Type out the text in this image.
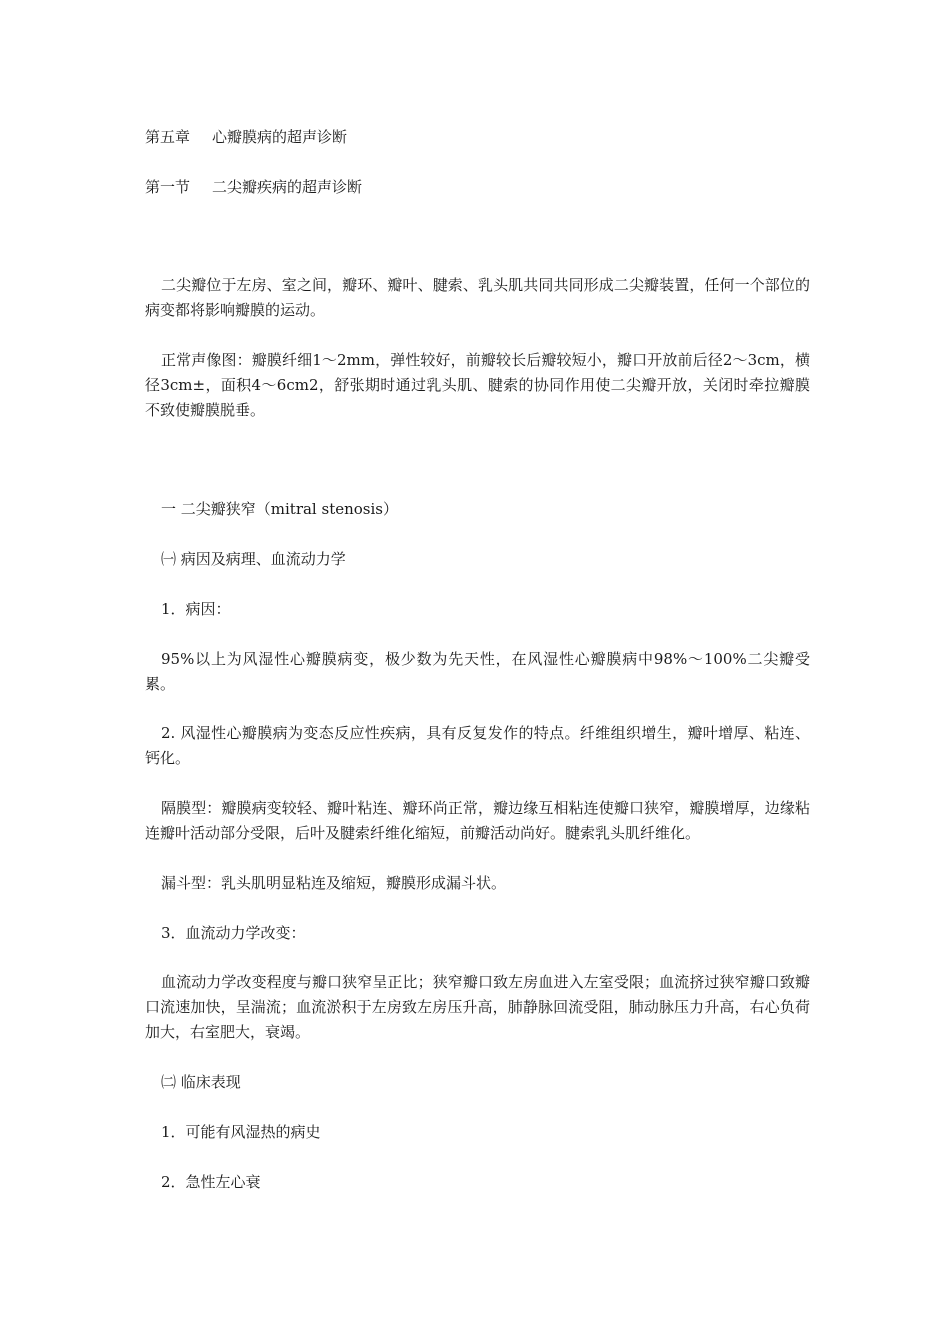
第五章 心瓣膜病的超声诊断
第一节 二尖瓣疾病的超声诊断
二尖瓣位于左房、室之间，瓣环、瓣叶、腱索、乳头肌共同共同形成二尖瓣装置，任何一个部位的病变都将影响瓣膜的运动。
正常声像图：瓣膜纤细1～2mm，弹性较好，前瓣较长后瓣较短小，瓣口开放前后径2～3cm，横径3cm±，面积4～6cm2，舒张期时通过乳头肌、腱索的协同作用使二尖瓣开放，关闭时牵拉瓣膜不致使瓣膜脱垂。
一 二尖瓣狭窄（mitral stenosis）
㈠ 病因及病理、血流动力学
1．病因：
95%以上为风湿性心瓣膜病变，极少数为先天性，在风湿性心瓣膜病中98%～100%二尖瓣受累。
2. 风湿性心瓣膜病为变态反应性疾病，具有反复发作的特点。纤维组织增生，瓣叶增厚、粘连、钙化。
隔膜型：瓣膜病变较轻、瓣叶粘连、瓣环尚正常，瓣边缘互相粘连使瓣口狭窄，瓣膜增厚，边缘粘连瓣叶活动部分受限，后叶及腱索纤维化缩短，前瓣活动尚好。腱索乳头肌纤维化。
漏斗型：乳头肌明显粘连及缩短，瓣膜形成漏斗状。
3．血流动力学改变：
血流动力学改变程度与瓣口狭窄呈正比；狭窄瓣口致左房血进入左室受限；血流挤过狭窄瓣口致瓣口流速加快，呈湍流；血流淤积于左房致左房压升高，肺静脉回流受阻，肺动脉压力升高，右心负荷加大，右室肥大，衰竭。
㈡ 临床表现
1．可能有风湿热的病史
2．急性左心衰
